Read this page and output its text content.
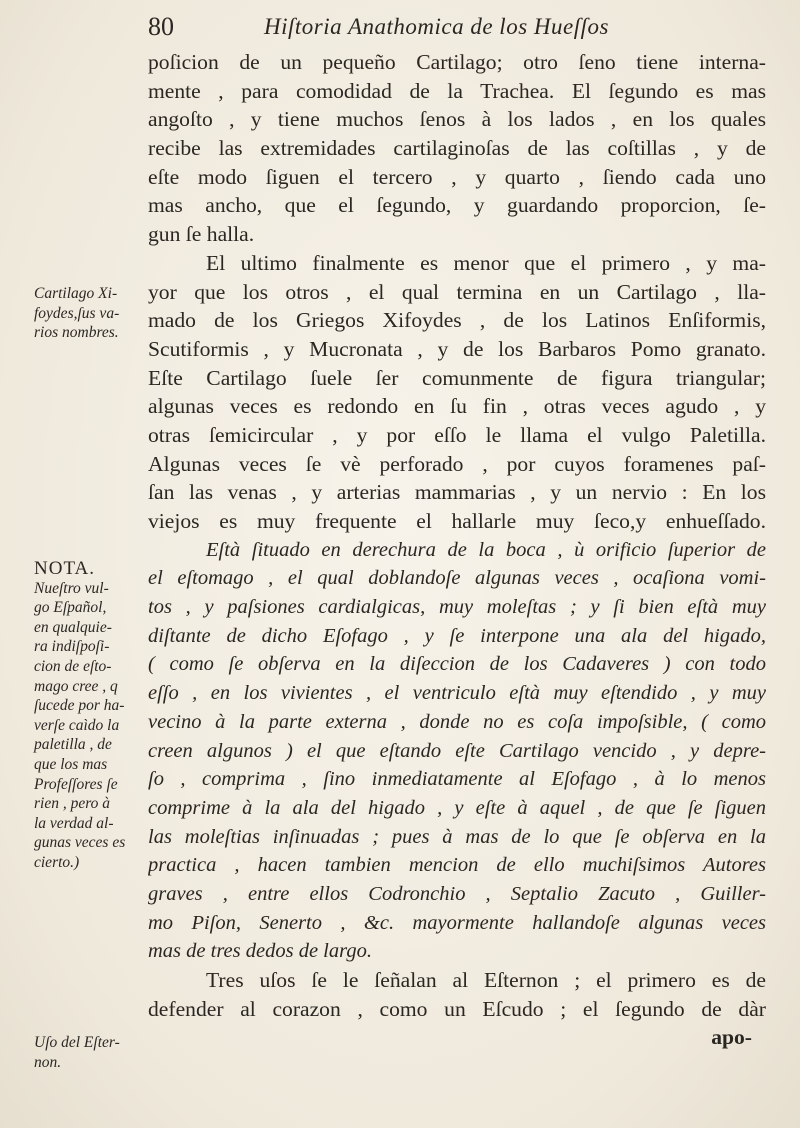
80	Hiſtoria Anathomica de los Hueſſos
poſicion de un pequeño Cartilago; otro ſeno tiene interna-
mente , para comodidad de la Trachea. El ſegundo es mas
angoſto , y tiene muchos ſenos à los lados , en los quales
recibe las extremidades cartilaginoſas de las coſtillas , y de
eſte modo ſiguen el tercero , y quarto , ſiendo cada uno
mas ancho, que el ſegundo, y guardando proporcion, ſe-
gun ſe halla.
El ultimo finalmente es menor que el primero , y ma-
yor que los otros , el qual termina en un Cartilago , lla-
mado de los Griegos Xifoydes , de los Latinos Enſiformis,
Scutiformis , y Mucronata , y de los Barbaros Pomo granato.
Eſte Cartilago ſuele ſer comunmente de figura triangular;
algunas veces es redondo en ſu fin , otras veces agudo , y
otras ſemicircular , y por eſſo le llama el vulgo Paletilla.
Algunas veces ſe vè perforado , por cuyos foramenes paſ-
ſan las venas , y arterias mammarias , y un nervio : En los
viejos es muy frequente el hallarle muy ſeco,y enhueſſado.
Eſtà ſituado en derechura de la boca , ù orificio ſuperior de
el eſtomago , el qual doblandoſe algunas veces , ocaſiona vomi-
tos , y paſsiones cardialgicas, muy moleſtas ; y ſi bien eſtà muy
diſtante de dicho Eſofago , y ſe interpone una ala del higado,
( como ſe obſerva en la diſeccion de los Cadaveres ) con todo
eſſo , en los vivientes , el ventriculo eſtà muy eſtendido , y muy
vecino à la parte externa , donde no es coſa impoſsible, ( como
creen algunos ) el que eſtando eſte Cartilago vencido , y depre-
ſo , comprima , ſino inmediatamente al Eſofago , à lo menos
comprime à la ala del higado , y eſte à aquel , de que ſe ſiguen
las moleſtias inſinuadas ; pues à mas de lo que ſe obſerva en la
practica , hacen tambien mencion de ello muchiſsimos Autores
graves , entre ellos Codronchio , Septalio Zacuto , Guiller-
mo Piſon, Senerto , &c. mayormente hallandoſe algunas veces
mas de tres dedos de largo.
Tres uſos ſe le ſeñalan al Eſternon ; el primero es de
defender al corazon , como un Eſcudo ; el ſegundo de dàr
apo-
Cartilago Xi-
foydes,ſus va-
rios nombres.
NOTA.
Nueſtro vul-
go Eſpañol,
en qualquie-
ra indiſpoſi-
cion de eſto-
mago cree , q
ſucede por ha-
verſe caìdo la
paletilla , de
que los mas
Profeſſores ſe
rien , pero à
la verdad al-
gunas veces es
cierto.)
Uſo del Eſter-
non.
